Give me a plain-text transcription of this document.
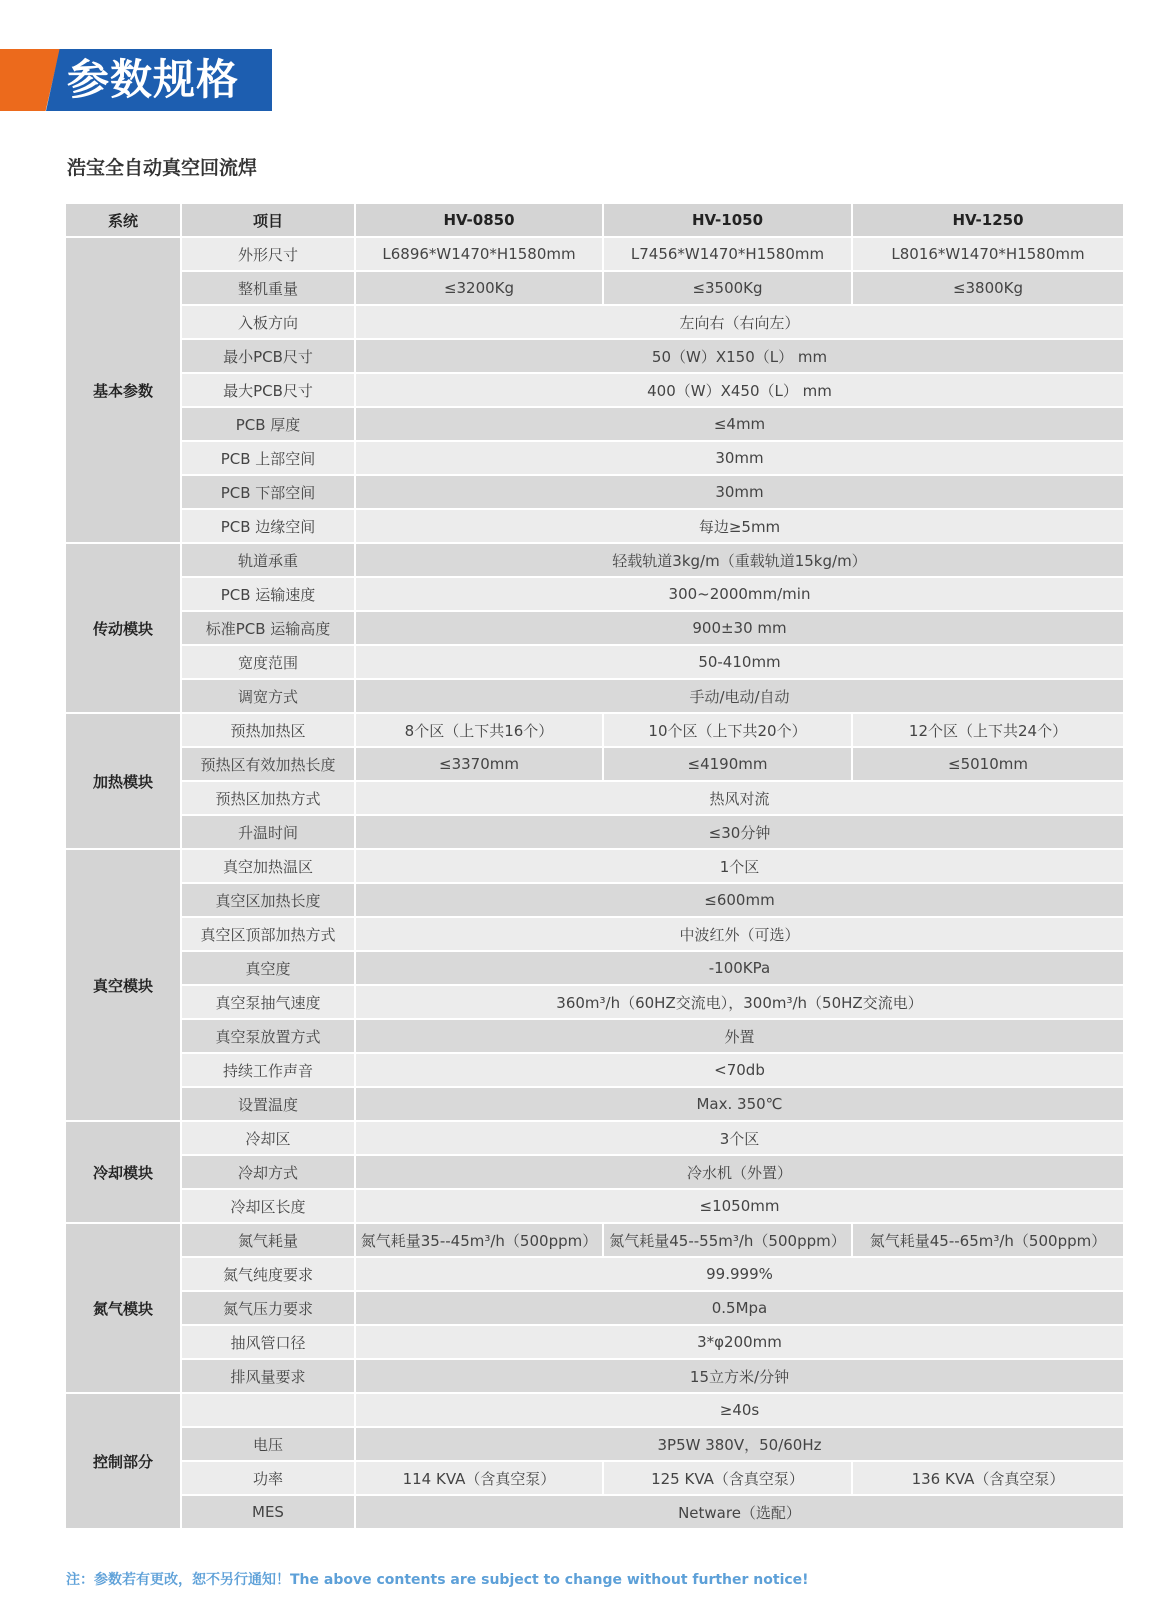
参数规格
浩宝全自动真空回流焊
系统	项目	HV-0850	HV-1050	HV-1250
基本参数	外形尺寸	L6896*W1470*H1580mm	L7456*W1470*H1580mm	L8016*W1470*H1580mm
	整机重量	≤3200Kg	≤3500Kg	≤3800Kg
	入板方向	左向右（右向左）		
	最小PCB尺寸	50（W）X150（L） mm		
	最大PCB尺寸	400（W）X450（L） mm		
	PCB 厚度	≤4mm		
	PCB 上部空间	30mm		
	PCB 下部空间	30mm		
	PCB 边缘空间	每边≥5mm		
传动模块	轨道承重	轻载轨道3kg/m（重载轨道15kg/m）		
	PCB 运输速度	300~2000mm/min		
	标准PCB 运输高度	900±30 mm		
	宽度范围	50-410mm		
	调宽方式	手动/电动/自动		
加热模块	预热加热区	8个区（上下共16个）	10个区（上下共20个）	12个区（上下共24个）
	预热区有效加热长度	≤3370mm	≤4190mm	≤5010mm
	预热区加热方式	热风对流		
	升温时间	≤30分钟		
真空模块	真空加热温区	1个区		
	真空区加热长度	≤600mm		
	真空区顶部加热方式	中波红外（可选）		
	真空度	-100KPa		
	真空泵抽气速度	360m³/h（60HZ交流电），300m³/h（50HZ交流电）		
	真空泵放置方式	外置		
	持续工作声音	<70db		
	设置温度	Max. 350℃		
冷却模块	冷却区	3个区		
	冷却方式	冷水机（外置）		
	冷却区长度	≤1050mm		
氮气模块	氮气耗量	氮气耗量35--45m³/h（500ppm）	氮气耗量45--55m³/h（500ppm）	氮气耗量45--65m³/h（500ppm）
	氮气纯度要求	99.999%		
	氮气压力要求	0.5Mpa		
	抽风管口径	3*φ200mm		
	排风量要求	15立方米/分钟		
控制部分		≥40s		
	电压	3P5W 380V，50/60Hz		
	功率	114 KVA（含真空泵）	125 KVA（含真空泵）	136 KVA（含真空泵）
	MES	Netware（选配）		
注：参数若有更改，恕不另行通知！The above contents are subject to change without further notice!
